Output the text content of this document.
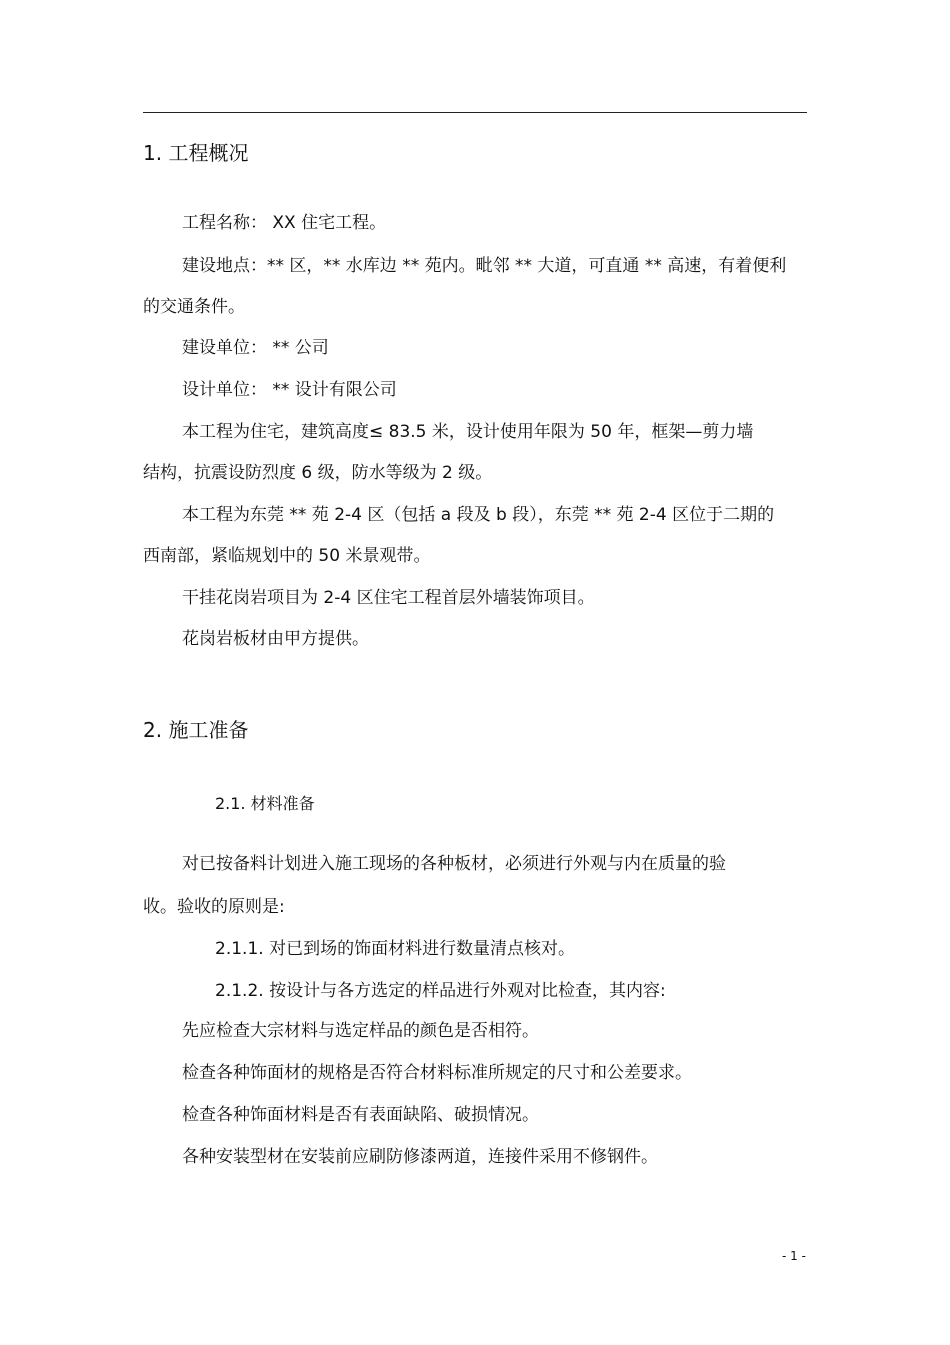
1. 工程概况
工程名称： XX 住宅工程。
建设地点：** 区，** 水库边 ** 苑内。毗邻 ** 大道，可直通 ** 高速，有着便利
的交通条件。
建设单位： ** 公司
设计单位： ** 设计有限公司
本工程为住宅，建筑高度≤ 83.5 米，设计使用年限为 50 年，框架—剪力墙
结构，抗震设防烈度 6 级，防水等级为 2 级。
本工程为东莞 ** 苑 2-4 区（包括 a 段及 b 段），东莞 ** 苑 2-4 区位于二期的
西南部，紧临规划中的 50 米景观带。
干挂花岗岩项目为 2-4 区住宅工程首层外墙装饰项目。
花岗岩板材由甲方提供。
2. 施工准备
2.1. 材料准备
对已按备料计划进入施工现场的各种板材，必须进行外观与内在质量的验
收。验收的原则是:
2.1.1. 对已到场的饰面材料进行数量清点核对。
2.1.2. 按设计与各方选定的样品进行外观对比检查，其内容:
先应检查大宗材料与选定样品的颜色是否相符。
检查各种饰面材的规格是否符合材料标准所规定的尺寸和公差要求。
检查各种饰面材料是否有表面缺陷、破损情况。
各种安装型材在安装前应刷防修漆两道，连接件采用不修钢件。
- 1 -
